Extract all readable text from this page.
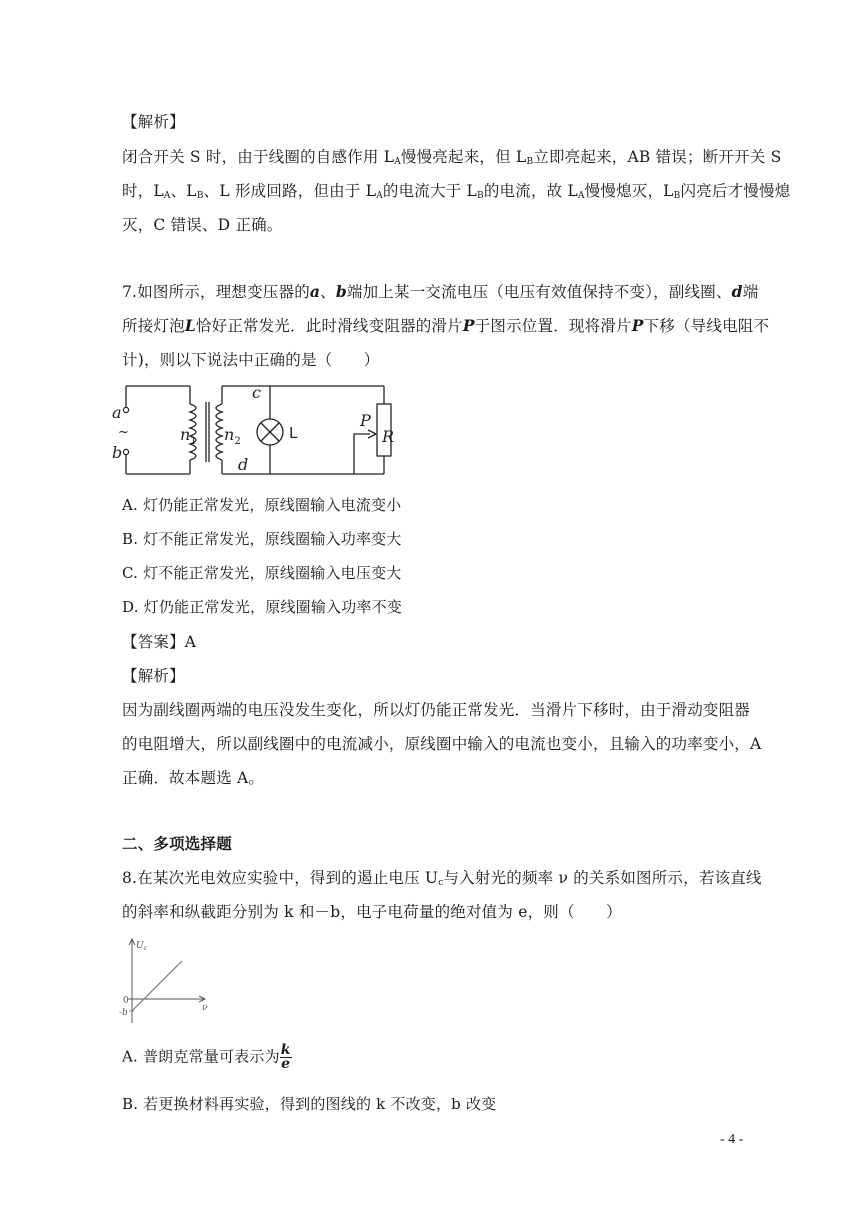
【解析】
闭合开关 S 时，由于线圈的自感作用 $L_A$慢慢亮起来，但 $L_B$立即亮起来，AB 错误；断开开关 S
时，$L_A$、$L_B$、L 形成回路，但由于 $L_A$的电流大于 $L_B$的电流，故 $L_A$慢慢熄灭，$L_B$闪亮后才慢慢熄
灭，C 错误、D 正确。
7.如图所示，理想变压器的a、b端加上某一交流电压（电压有效值保持不变），副线圈、d端
所接灯泡L恰好正常发光．此时滑线变阻器的滑片P于图示位置．现将滑片P下移（导线电阻不
计)，则以下说法中正确的是（　　）
a
b
$n_1$ $n_2$
c
d
P
R
~	L
A. 灯仍能正常发光，原线圈输入电流变小
B. 灯不能正常发光，原线圈输入功率变大
C. 灯不能正常发光，原线圈输入电压变大
D. 灯仍能正常发光，原线圈输入功率不变
【答案】A
【解析】
因为副线圈两端的电压没发生变化，所以灯仍能正常发光．当滑片下移时，由于滑动变阻器
的电阻增大，所以副线圈中的电流减小，原线圈中输入的电流也变小，且输入的功率变小，A
正确．故本题选 A。
二、多项选择题
8.在某次光电效应实验中，得到的遏止电压 $U_c$与入射光的频率 ν 的关系如图所示，若该直线
的斜率和纵截距分别为 k 和－b，电子电荷量的绝对值为 e，则（　　）
$U_c$
0
-b	ν
A. 普朗克常量可表示为 $\frac{k}{e}$
B. 若更换材料再实验，得到的图线的 k 不改变，b 改变
- 4 -
